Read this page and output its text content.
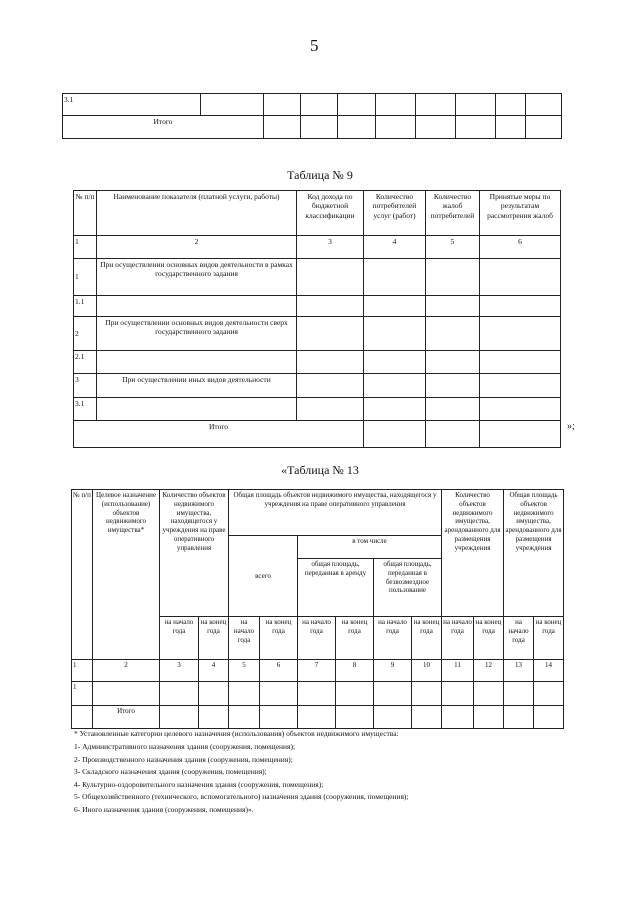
5
3.1									
Итого									
Таблица № 9
№ п/п	Наименование показателя (платной услуги, работы)	Код дохода по бюджетной классификации	Количество потребителей услуг (работ)	Количество жалоб потребителей	Принятые меры по результатам рассмотрения жалоб
1	2	3	4	5	6
1	При осуществлении основных видов деятельности в рамках государственного задания				
1.1					
2	При осуществлении основных видов деятельности сверх государственного задания				
2.1					
3	При осуществлении иных видов деятельности				
3.1					
Итого						»;
«Таблица № 13
№ п/п	Целевое назначение (использование) объектов недвижимого имущества*	Количество объектов недвижимого имущества, находящегося у учреждения на праве оперативного управления		Общая площадь объектов недвижимого имущества, находящегося у учреждения на праве оперативного управления						Количество объектов недвижимого имущества, арендованного для размещения учреждения		Общая площадь объектов недвижимого имущества, арендованного для размещения учреждения	
				всего		в том числе							
						общая площадь, переданная в аренду		общая площадь, переданная в безвозмездное пользование					
		на начало года	на конец года	на начало года	на конец года	на начало года	на конец года	на начало года	на конец года	на начало года	на конец года	на начало года	на конец года
1	2	3	4	5	6	7	8	9	10	11	12	13	14
1													
	Итого												
* Установленные категории целевого назначения (использования) объектов недвижимого имущества:
1- Административного назначения здания (сооружения, помещения);
2- Производственного назначения здания (сооружения, помещения);
3- Складского назначения здания (сооружения, помещения);
4- Культурно-оздоровительного назначения здания (сооружения, помещения);
5- Общехозяйственного (технического, вспомогательного) назначения здания (сооружения, помещения);
6- Иного назначения здания (сооружения, помещения)».
